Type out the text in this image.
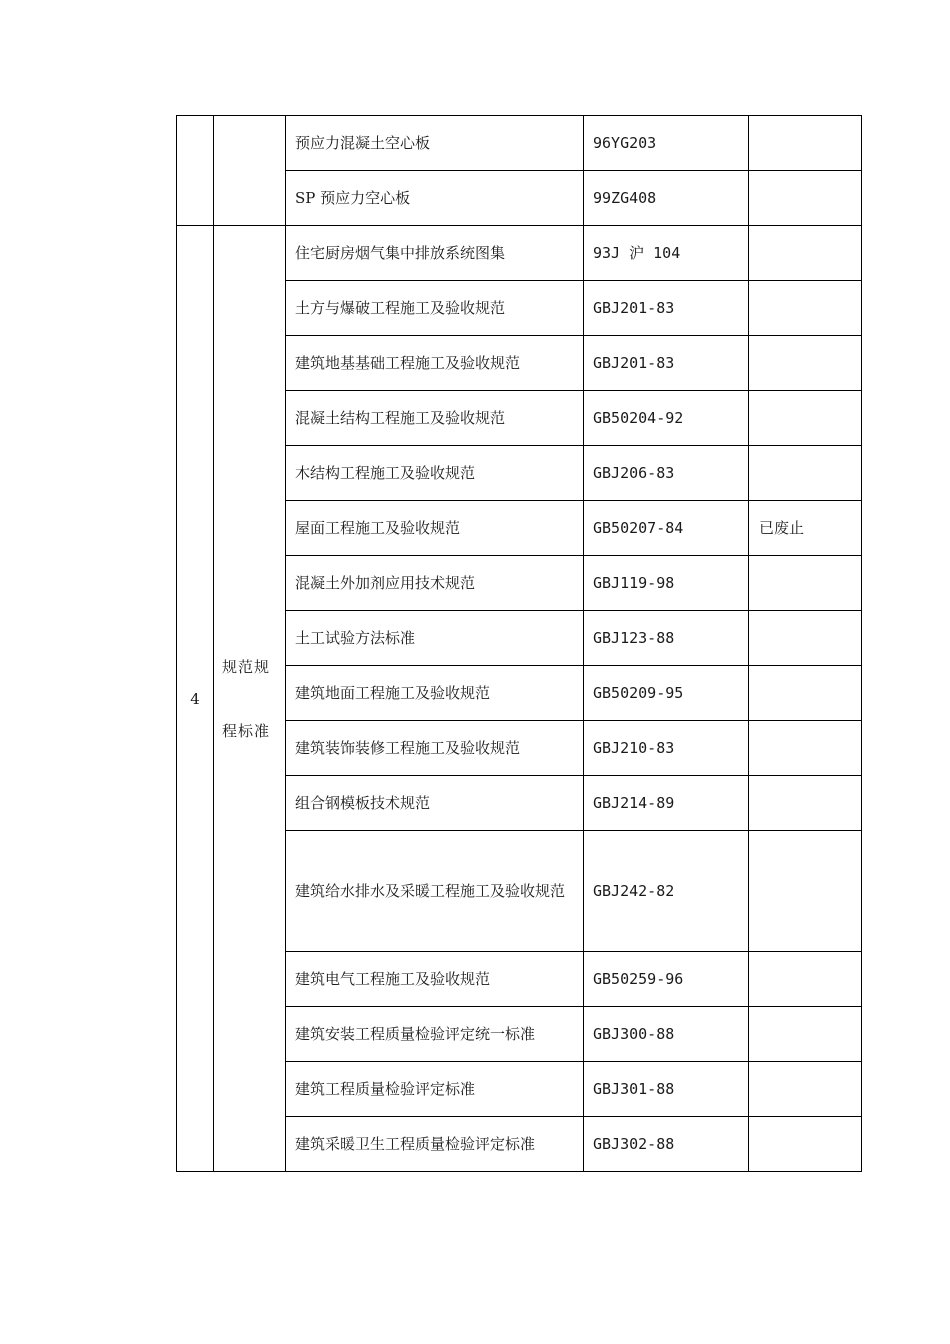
		预应力混凝土空心板	96YG203	
		SP 预应力空心板	99ZG408	
4	规范规程标准	住宅厨房烟气集中排放系统图集	93J 沪 104	
		土方与爆破工程施工及验收规范	GBJ201-83	
		建筑地基基础工程施工及验收规范	GBJ201-83	
		混凝土结构工程施工及验收规范	GB50204-92	
		木结构工程施工及验收规范	GBJ206-83	
		屋面工程施工及验收规范	GB50207-84	已废止
		混凝土外加剂应用技术规范	GBJ119-98	
		土工试验方法标准	GBJ123-88	
		建筑地面工程施工及验收规范	GB50209-95	
		建筑装饰装修工程施工及验收规范	GBJ210-83	
		组合钢模板技术规范	GBJ214-89	
		建筑给水排水及采暖工程施工及验收规范	GBJ242-82	
		建筑电气工程施工及验收规范	GB50259-96	
		建筑安装工程质量检验评定统一标准	GBJ300-88	
		建筑工程质量检验评定标准	GBJ301-88	
		建筑采暖卫生工程质量检验评定标准	GBJ302-88	
